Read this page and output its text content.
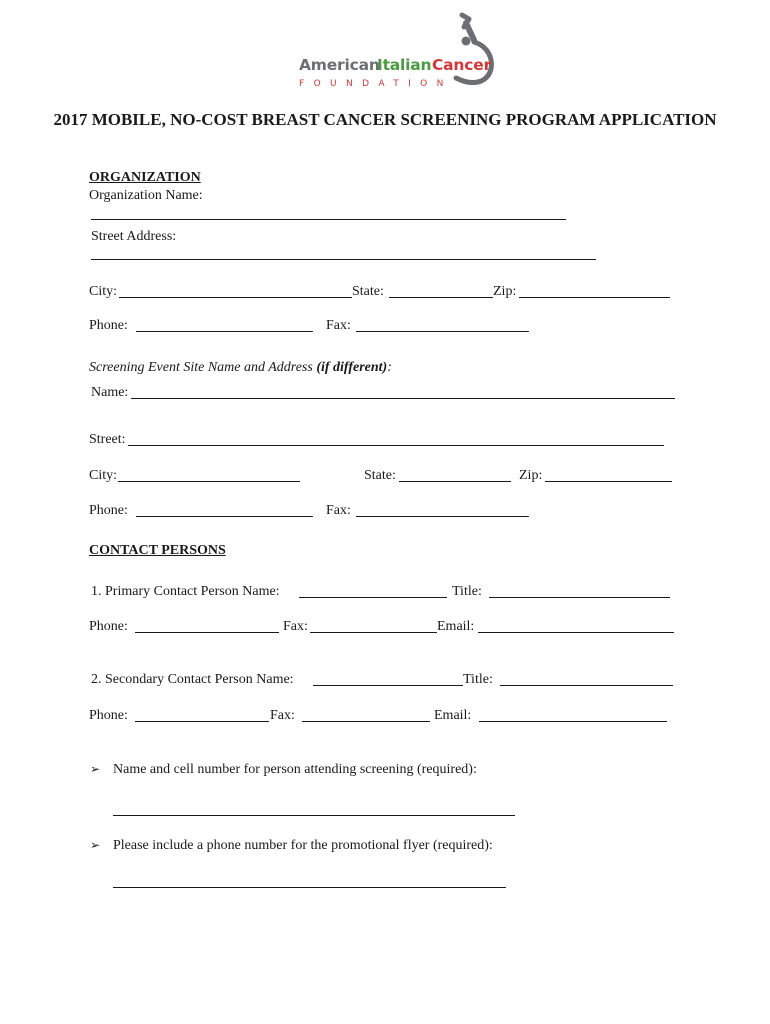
American
Italian Cancer
FOUNDATION
2017 MOBILE, NO-COST BREAST CANCER SCREENING PROGRAM APPLICATION
ORGANIZATION
Organization Name:
Street Address:
City:	State:	Zip:
Phone:	Fax:
Screening Event Site Name and Address (if different):
Name:
Street:
City:	State:	Zip:
Phone:	Fax:
CONTACT PERSONS
1. Primary Contact Person Name:	Title:
Phone:	Fax:	Email:
2. Secondary Contact Person Name:	Title:
Phone:	Fax:	Email:
➢ Name and cell number for person attending screening (required):
➢ Please include a phone number for the promotional flyer (required):
